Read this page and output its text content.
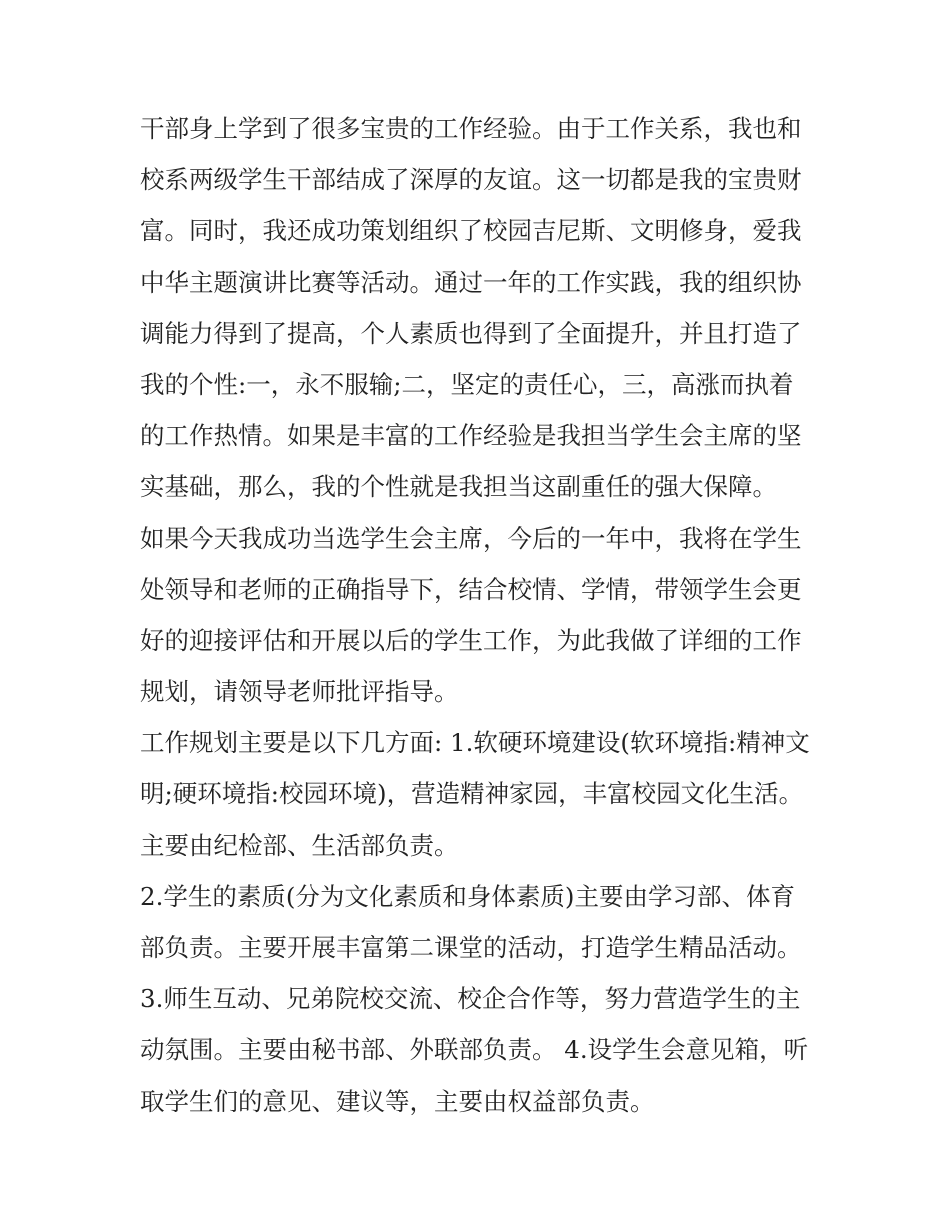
干部身上学到了很多宝贵的工作经验。由于工作关系，我也和
校系两级学生干部结成了深厚的友谊。这一切都是我的宝贵财
富。同时，我还成功策划组织了校园吉尼斯、文明修身，爱我
中华主题演讲比赛等活动。通过一年的工作实践，我的组织协
调能力得到了提高，个人素质也得到了全面提升，并且打造了
我的个性:一，永不服输;二，坚定的责任心，三，高涨而执着
的工作热情。如果是丰富的工作经验是我担当学生会主席的坚
实基础，那么，我的个性就是我担当这副重任的强大保障。
如果今天我成功当选学生会主席，今后的一年中，我将在学生
处领导和老师的正确指导下，结合校情、学情，带领学生会更
好的迎接评估和开展以后的学生工作，为此我做了详细的工作
规划，请领导老师批评指导。
工作规划主要是以下几方面: 1.软硬环境建设(软环境指:精神文
明;硬环境指:校园环境)，营造精神家园，丰富校园文化生活。
主要由纪检部、生活部负责。
2.学生的素质(分为文化素质和身体素质)主要由学习部、体育
部负责。主要开展丰富第二课堂的活动，打造学生精品活动。
3.师生互动、兄弟院校交流、校企合作等，努力营造学生的主
动氛围。主要由秘书部、外联部负责。 4.设学生会意见箱，听
取学生们的意见、建议等，主要由权益部负责。
